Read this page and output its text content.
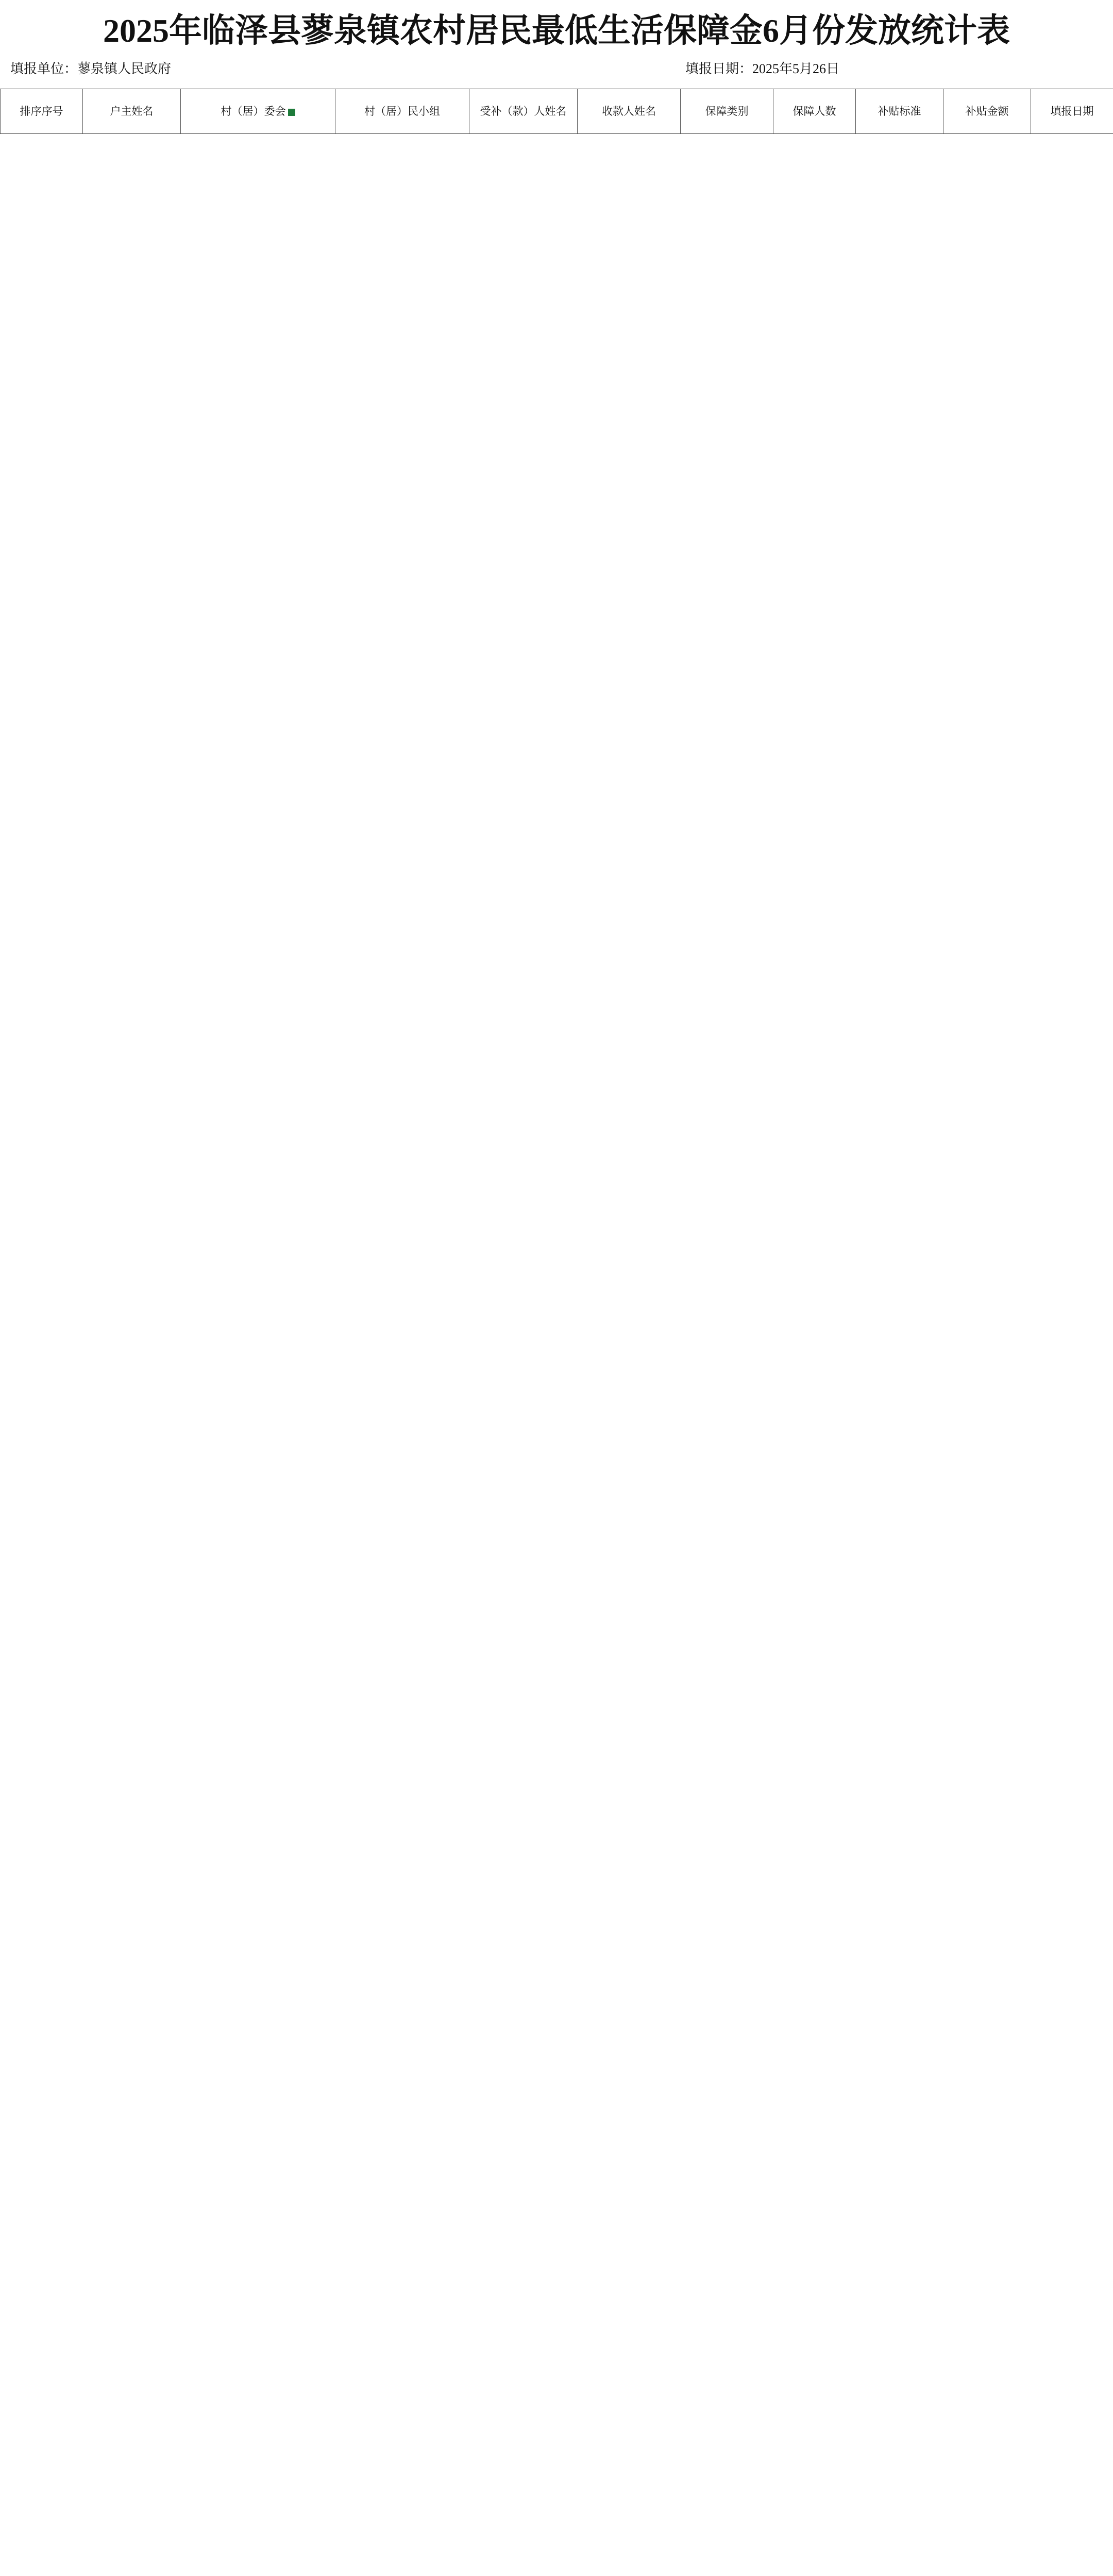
2025年临泽县蓼泉镇农村居民最低生活保障金6月份发放统计表
填报单位：蓼泉镇人民政府	填报日期：2025年5月26日
排序序号	户主姓名	村（居）委会	村（居）民小组	受补（款）人姓名	收款人姓名	保障类别	保障人数	补贴标准	补贴金额	填报日期
